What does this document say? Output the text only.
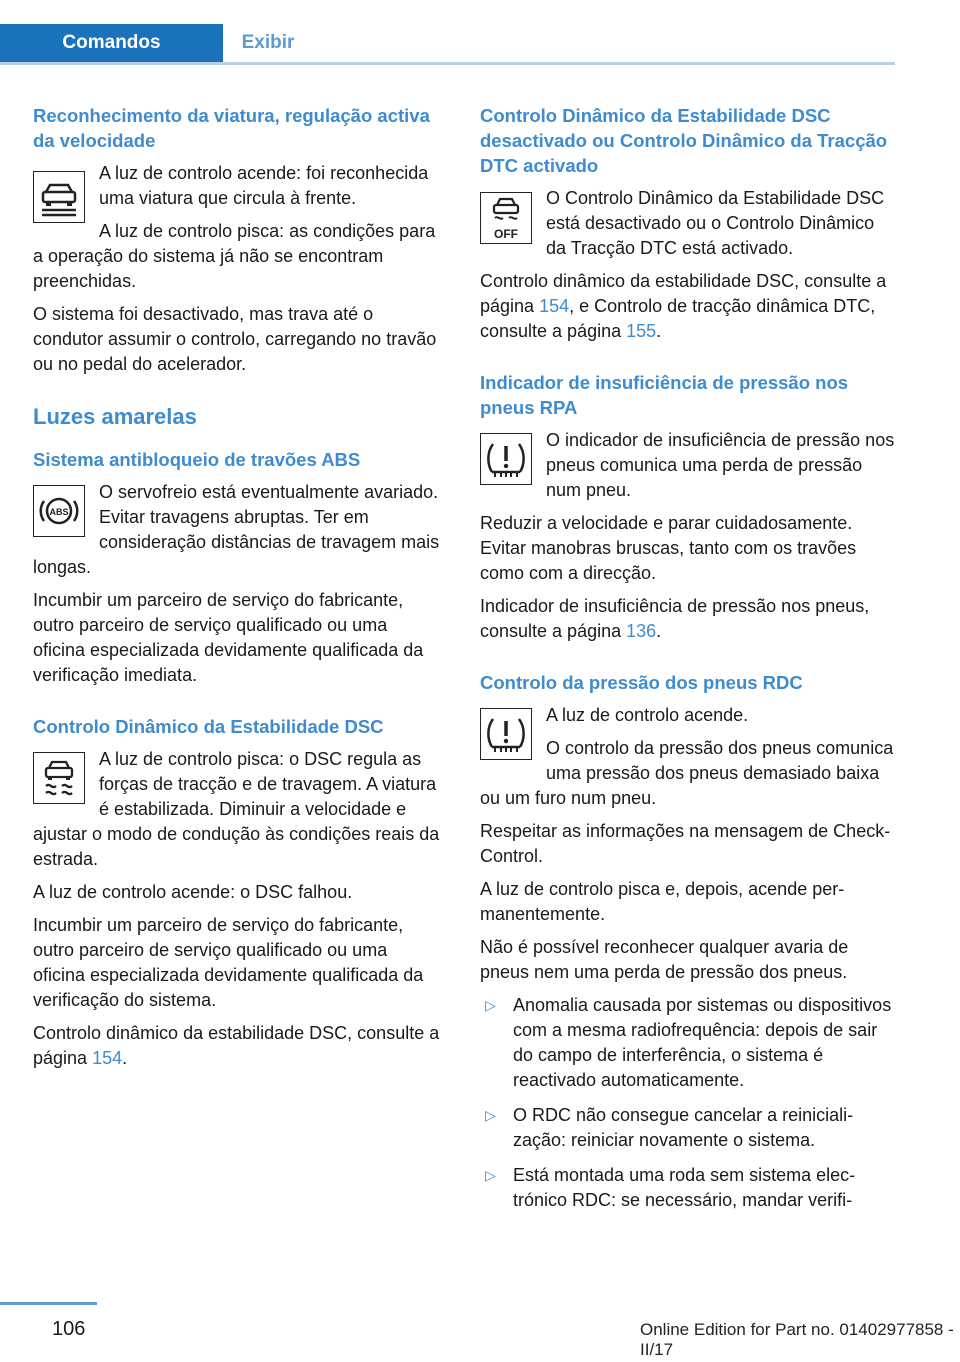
Comandos	Exibir
Reconhecimento da viatura, regulação activa da velocidade

A luz de controlo acende: foi reconhecida uma viatura que circula à frente.

A luz de controlo pisca: as condições para a operação do sistema já não se encontram preenchidas.

O sistema foi desactivado, mas trava até o condutor assumir o controlo, carregando no travão ou no pedal do acelerador.

Luzes amarelas
Sistema antibloqueio de travões ABS
ABS

O servofreio está eventualmente avariado. Evitar travagens abruptas. Ter em consideração distâncias de travagem mais longas.

Incumbir um parceiro de serviço do fabricante, outro parceiro de serviço qualificado ou uma oficina especializada devidamente qualificada da verificação imediata.

Controlo Dinâmico da Estabilidade DSC

A luz de controlo pisca: o DSC regula as forças de tracção e de travagem. A viatura é estabilizada. Diminuir a velocidade e ajustar o modo de condução às condições reais da estrada.

A luz de controlo acende: o DSC falhou.

Incumbir um parceiro de serviço do fabricante, outro parceiro de serviço qualificado ou uma oficina especializada devidamente qualificada da verificação do sistema.

Controlo dinâmico da estabilidade DSC, consulte a página 154.

Controlo Dinâmico da Estabilidade DSC desactivado ou Controlo Dinâmico da Tracção DTC activado
OFF

O Controlo Dinâmico da Estabilidade DSC está desactivado ou o Controlo Dinâmico da Tracção DTC está activado.

Controlo dinâmico da estabilidade DSC, consulte a página 154, e Controlo de tracção dinâmica DTC, consulte a página 155.

Indicador de insuficiência de pressão nos pneus RPA

O indicador de insuficiência de pressão nos pneus comunica uma perda de pressão num pneu.

Reduzir a velocidade e parar cuidadosamente. Evitar manobras bruscas, tanto com os travões como com a direcção.

Indicador de insuficiência de pressão nos pneus, consulte a página 136.

Controlo da pressão dos pneus RDC

A luz de controlo acende.

O controlo da pressão dos pneus comunica uma pressão dos pneus demasiado baixa ou um furo num pneu.

Respeitar as informações na mensagem de Check-Control.

A luz de controlo pisca e, depois, acende permanentemente.

Não é possível reconhecer qualquer avaria de pneus nem uma perda de pressão dos pneus.

▷ Anomalia causada por sistemas ou dispositivos com a mesma radiofrequência: depois de sair do campo de interferência, o sistema é reactivado automaticamente.
▷ O RDC não consegue cancelar a reinicialização: reiniciar novamente o sistema.
▷ Está montada uma roda sem sistema electrónico RDC: se necessário, mandar verifi-
106	Online Edition for Part no. 01402977858 - II/17
